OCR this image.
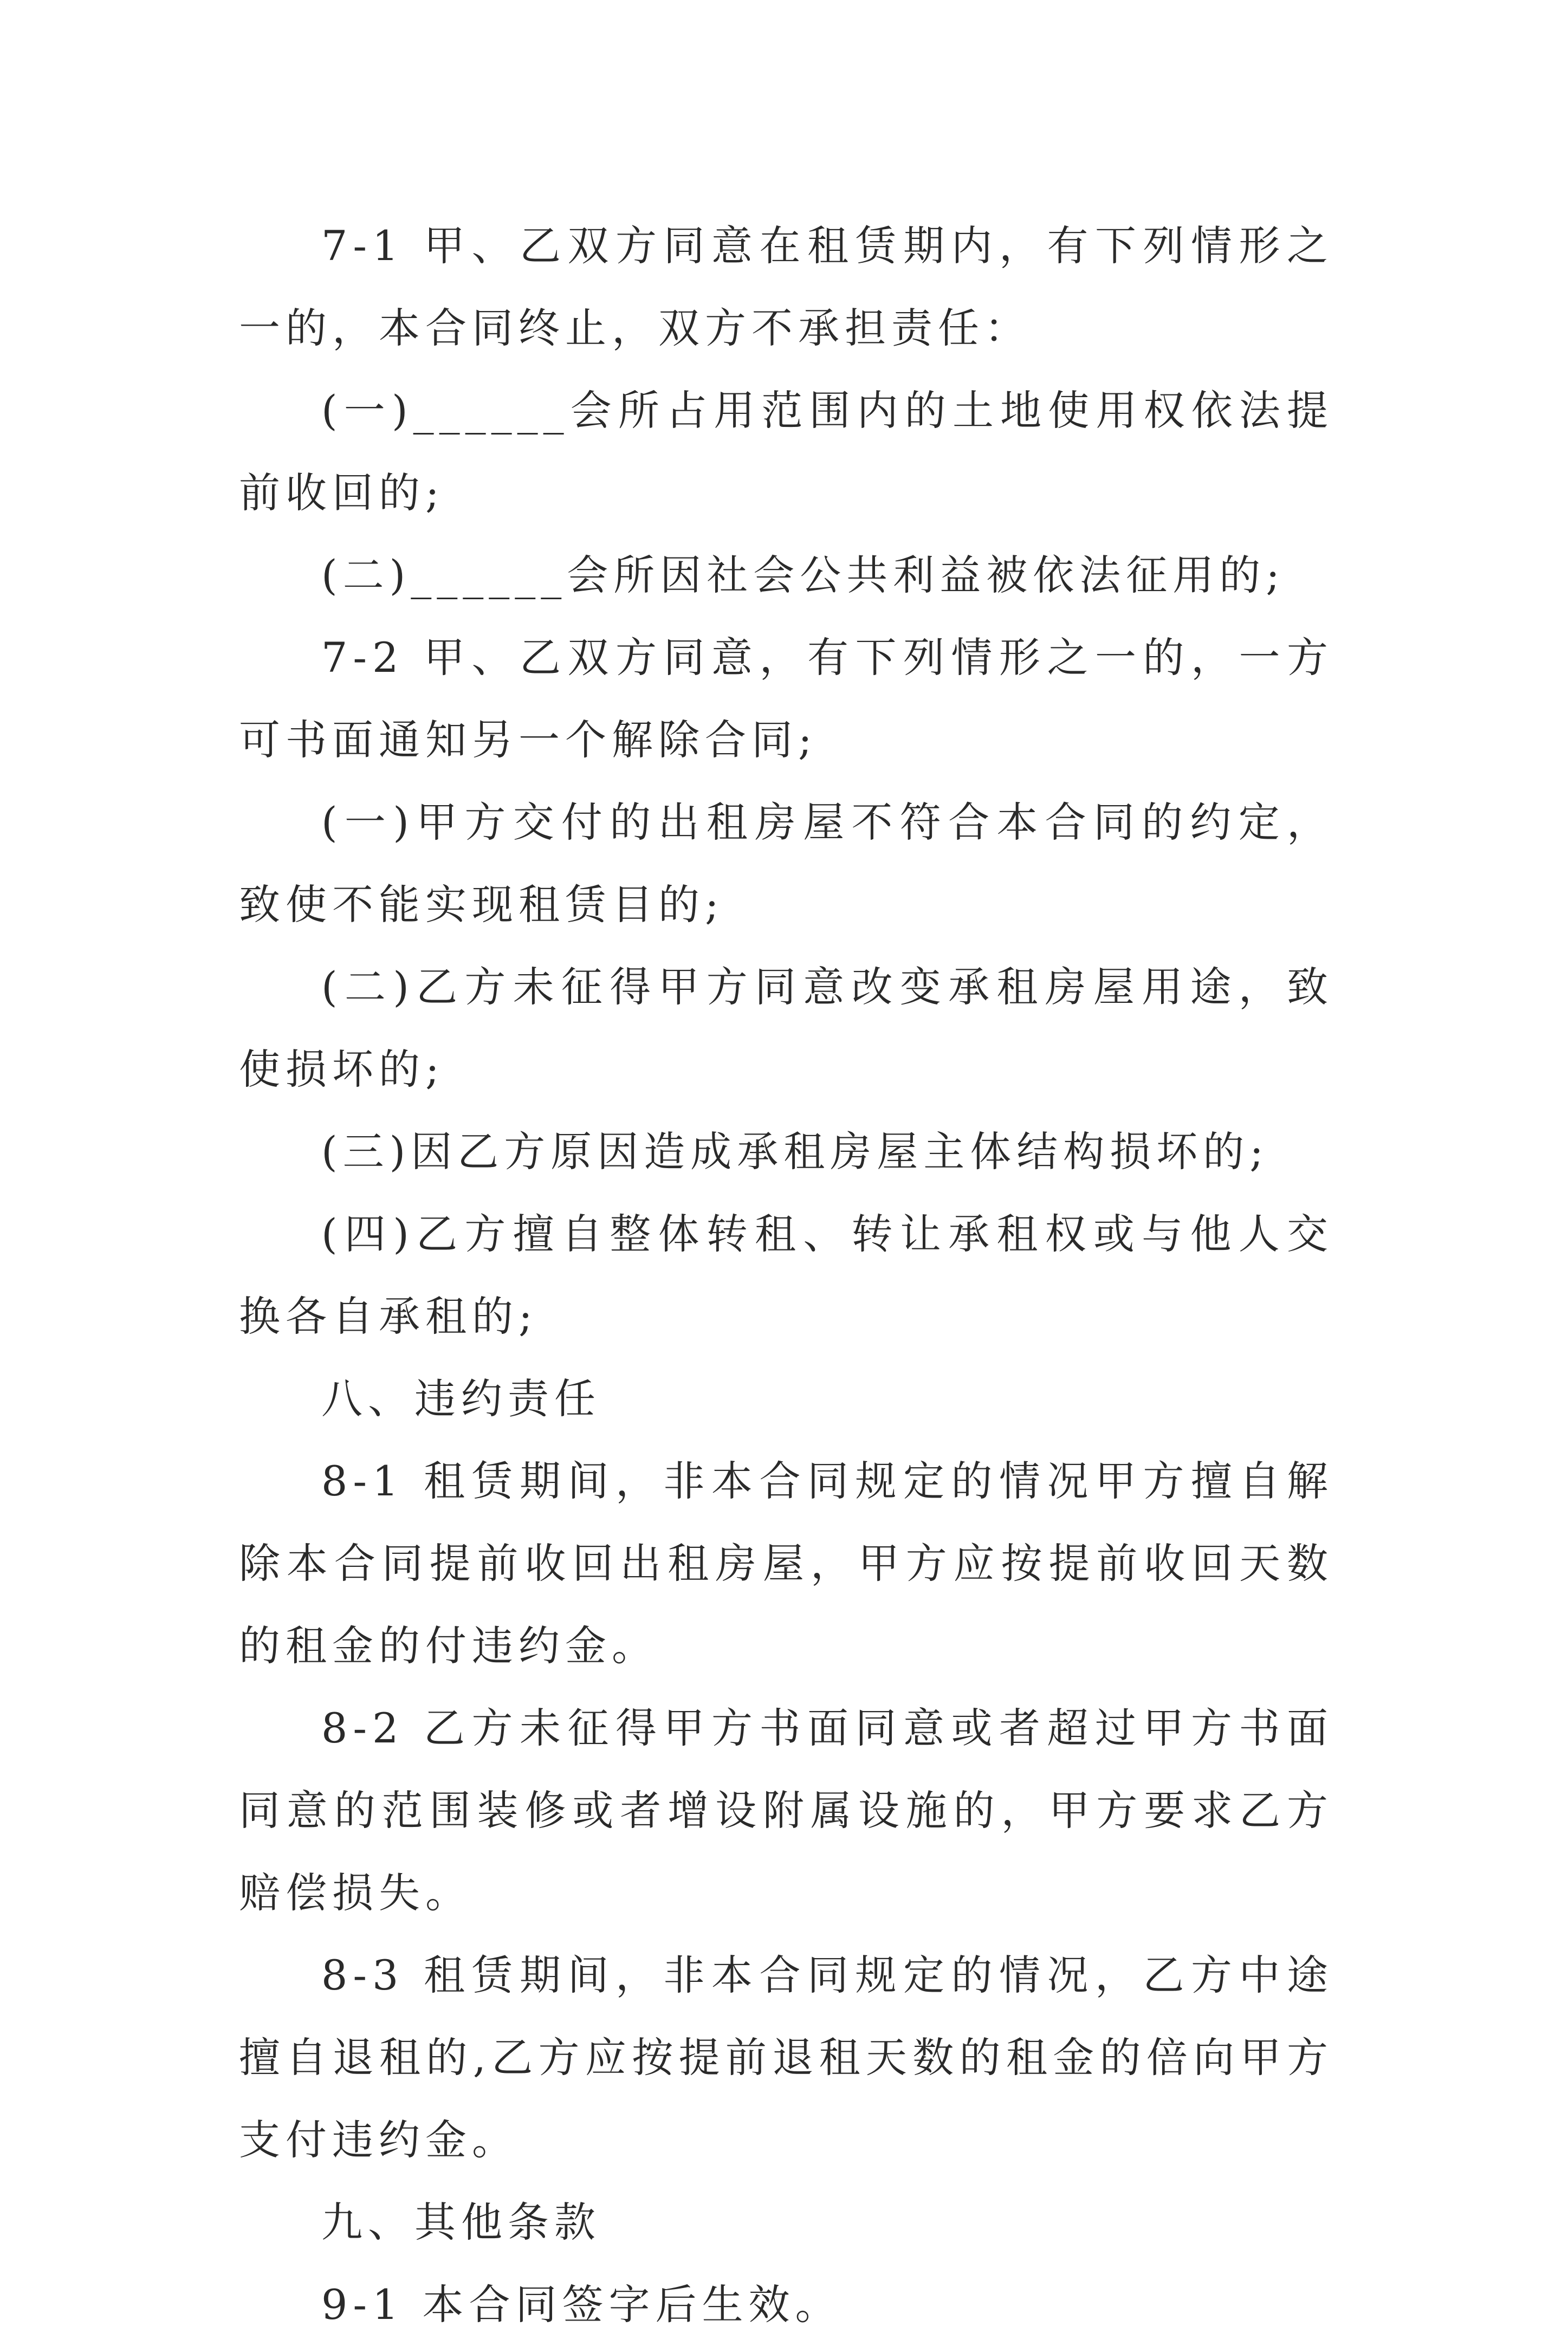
7-1 甲、乙双方同意在租赁期内，有下列情形之一的，本合同终止，双方不承担责任：

(一)______会所占用范围内的土地使用权依法提前收回的;

(二)______会所因社会公共利益被依法征用的;

7-2 甲、乙双方同意，有下列情形之一的，一方可书面通知另一个解除合同;

(一)甲方交付的出租房屋不符合本合同的约定，致使不能实现租赁目的;

(二)乙方未征得甲方同意改变承租房屋用途，致使损坏的;

(三)因乙方原因造成承租房屋主体结构损坏的;

(四)乙方擅自整体转租、转让承租权或与他人交换各自承租的;

八、违约责任

8-1 租赁期间，非本合同规定的情况甲方擅自解除本合同提前收回出租房屋，甲方应按提前收回天数的租金的付违约金。

8-2 乙方未征得甲方书面同意或者超过甲方书面同意的范围装修或者增设附属设施的，甲方要求乙方赔偿损失。

8-3 租赁期间，非本合同规定的情况，乙方中途擅自退租的,乙方应按提前退租天数的租金的倍向甲方支付违约金。

九、其他条款

9-1 本合同签字后生效。
